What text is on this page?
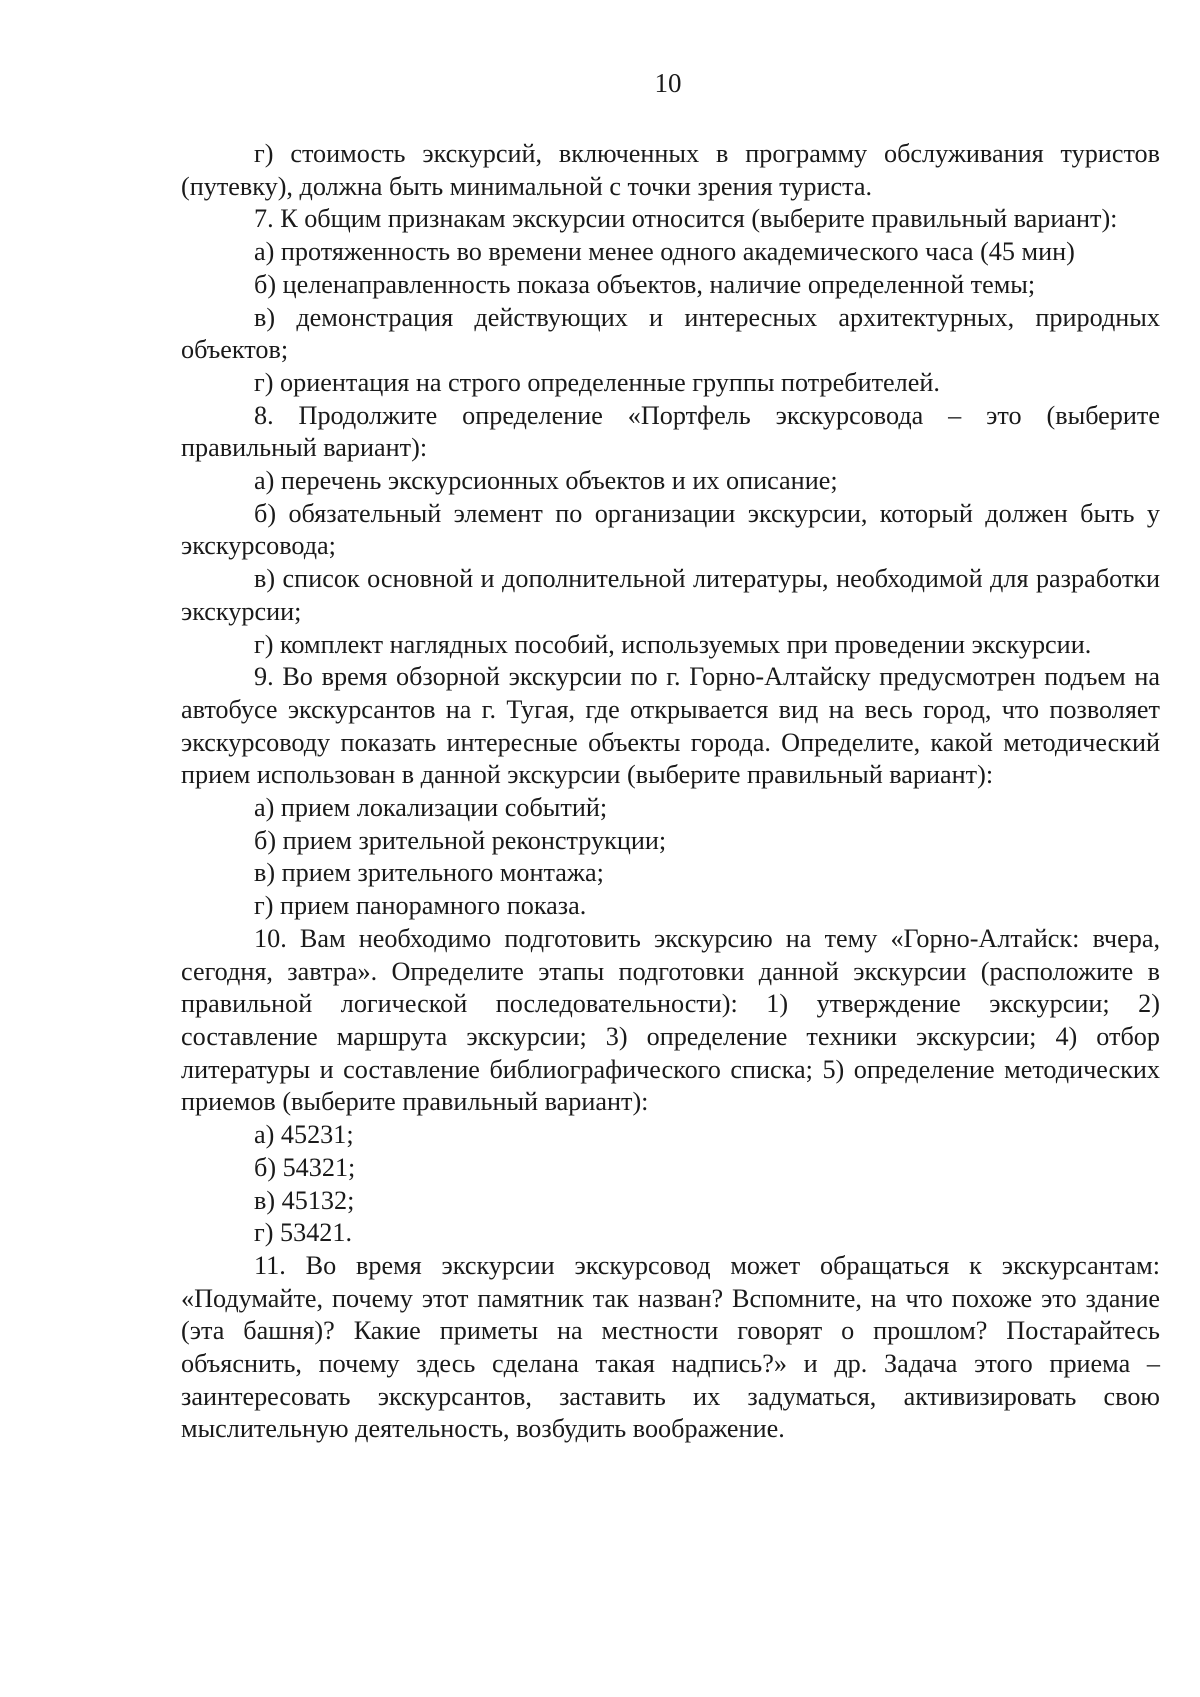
10

г) стоимость экскурсий, включенных в программу обслуживания туристов (путевку), должна быть минимальной с точки зрения туриста.

7. К общим признакам экскурсии относится (выберите правильный вариант):

а) протяженность во времени менее одного академического часа (45 мин)

б) целенаправленность показа объектов, наличие определенной темы;

в) демонстрация действующих и интересных архитектурных, природных объектов;

г) ориентация на строго определенные группы потребителей.

8. Продолжите определение «Портфель экскурсовода – это (выберите правильный вариант):

а) перечень экскурсионных объектов и их описание;

б) обязательный элемент по организации экскурсии, который должен быть у экскурсовода;

в) список основной и дополнительной литературы, необходимой для разработки экскурсии;

г) комплект наглядных пособий, используемых при проведении экскурсии.

9. Во время обзорной экскурсии по г. Горно-Алтайску предусмотрен подъем на автобусе экскурсантов на г. Тугая, где открывается вид на весь город, что позволяет экскурсоводу показать интересные объекты города. Определите, какой методический прием использован в данной экскурсии (выберите правильный вариант):

а) прием локализации событий;

б) прием зрительной реконструкции;

в) прием зрительного монтажа;

г) прием панорамного показа.

10. Вам необходимо подготовить экскурсию на тему «Горно-Алтайск: вчера, сегодня, завтра». Определите этапы подготовки данной экскурсии (расположите в правильной логической последовательности): 1) утверждение экскурсии; 2) составление маршрута экскурсии; 3) определение техники экскурсии; 4) отбор литературы и составление библиографического списка; 5) определение методических приемов (выберите правильный вариант):

а) 45231;

б) 54321;

в) 45132;

г) 53421.

11. Во время экскурсии экскурсовод может обращаться к экскурсантам: «Подумайте, почему этот памятник так назван? Вспомните, на что похоже это здание (эта башня)? Какие приметы на местности говорят о прошлом? Постарайтесь объяснить, почему здесь сделана такая надпись?» и др. Задача этого приема – заинтересовать экскурсантов, заставить их задуматься, активизировать свою мыслительную деятельность, возбудить воображение.
